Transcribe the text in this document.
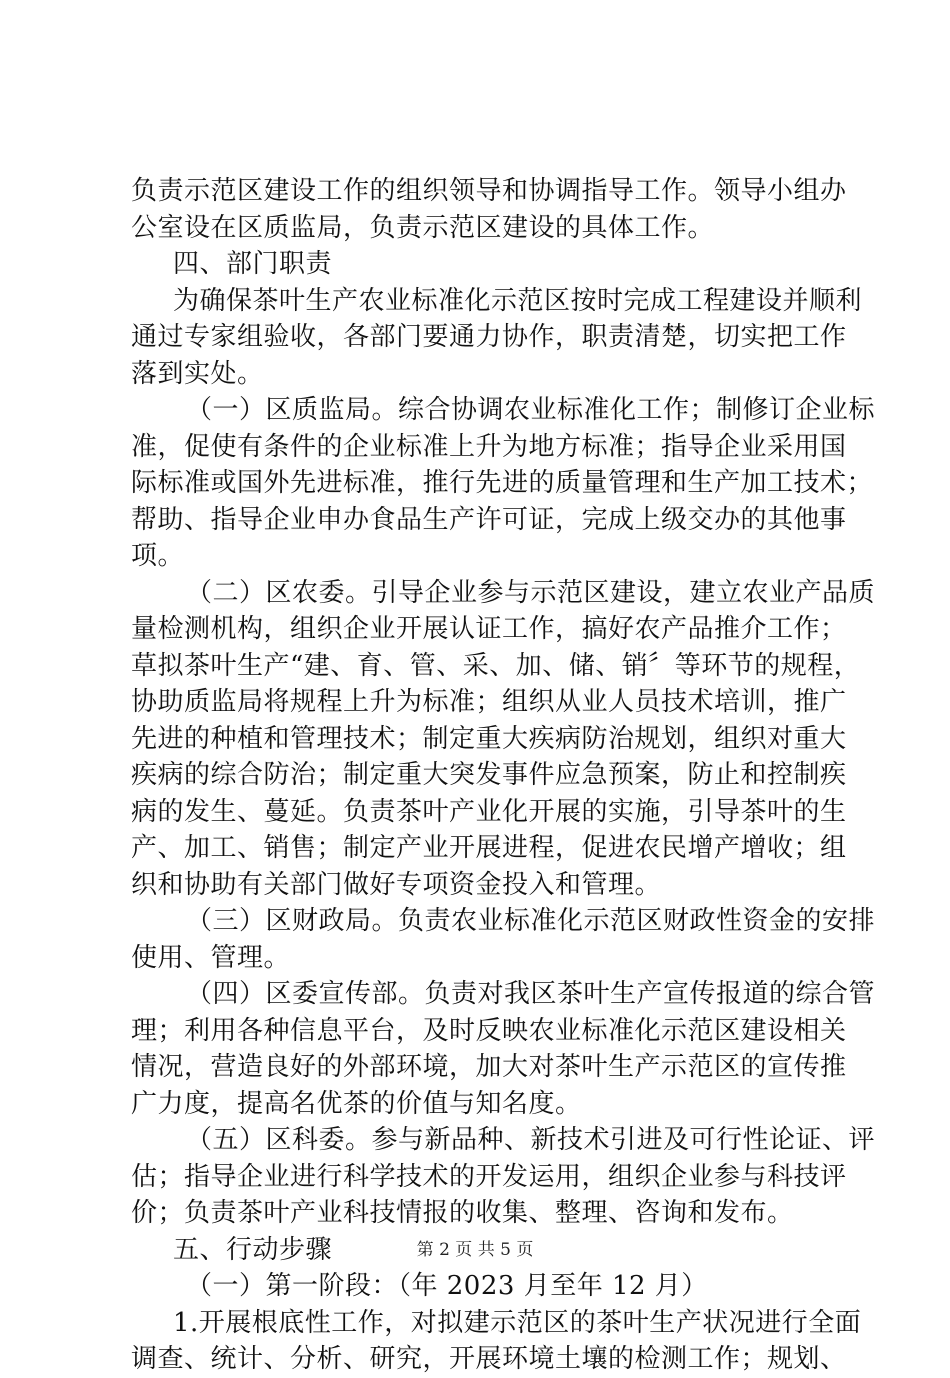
负责示范区建设工作的组织领导和协调指导工作。领导小组办
公室设在区质监局，负责示范区建设的具体工作。
四、部门职责
为确保茶叶生产农业标准化示范区按时完成工程建设并顺利
通过专家组验收，各部门要通力协作，职责清楚，切实把工作
落到实处。
（一）区质监局。综合协调农业标准化工作；制修订企业标
准，促使有条件的企业标准上升为地方标准；指导企业采用国
际标准或国外先进标准，推行先进的质量管理和生产加工技术；
帮助、指导企业申办食品生产许可证，完成上级交办的其他事
项。
（二）区农委。引导企业参与示范区建设，建立农业产品质
量检测机构，组织企业开展认证工作，搞好农产品推介工作；
草拟茶叶生产“建、育、管、采、加、储、销〞等环节的规程，
协助质监局将规程上升为标准；组织从业人员技术培训，推广
先进的种植和管理技术；制定重大疾病防治规划，组织对重大
疾病的综合防治；制定重大突发事件应急预案，防止和控制疾
病的发生、蔓延。负责茶叶产业化开展的实施，引导茶叶的生
产、加工、销售；制定产业开展进程，促进农民增产增收；组
织和协助有关部门做好专项资金投入和管理。
（三）区财政局。负责农业标准化示范区财政性资金的安排
使用、管理。
（四）区委宣传部。负责对我区茶叶生产宣传报道的综合管
理；利用各种信息平台，及时反映农业标准化示范区建设相关
情况，营造良好的外部环境，加大对茶叶生产示范区的宣传推
广力度，提高名优茶的价值与知名度。
（五）区科委。参与新品种、新技术引进及可行性论证、评
估；指导企业进行科学技术的开发运用，组织企业参与科技评
价；负责茶叶产业科技情报的收集、整理、咨询和发布。
五、行动步骤
（一）第一阶段：（年 2023 月至年 12 月）
1.开展根底性工作，对拟建示范区的茶叶生产状况进行全面
调查、统计、分析、研究，开展环境土壤的检测工作；规划、
第 2 页 共 5 页
